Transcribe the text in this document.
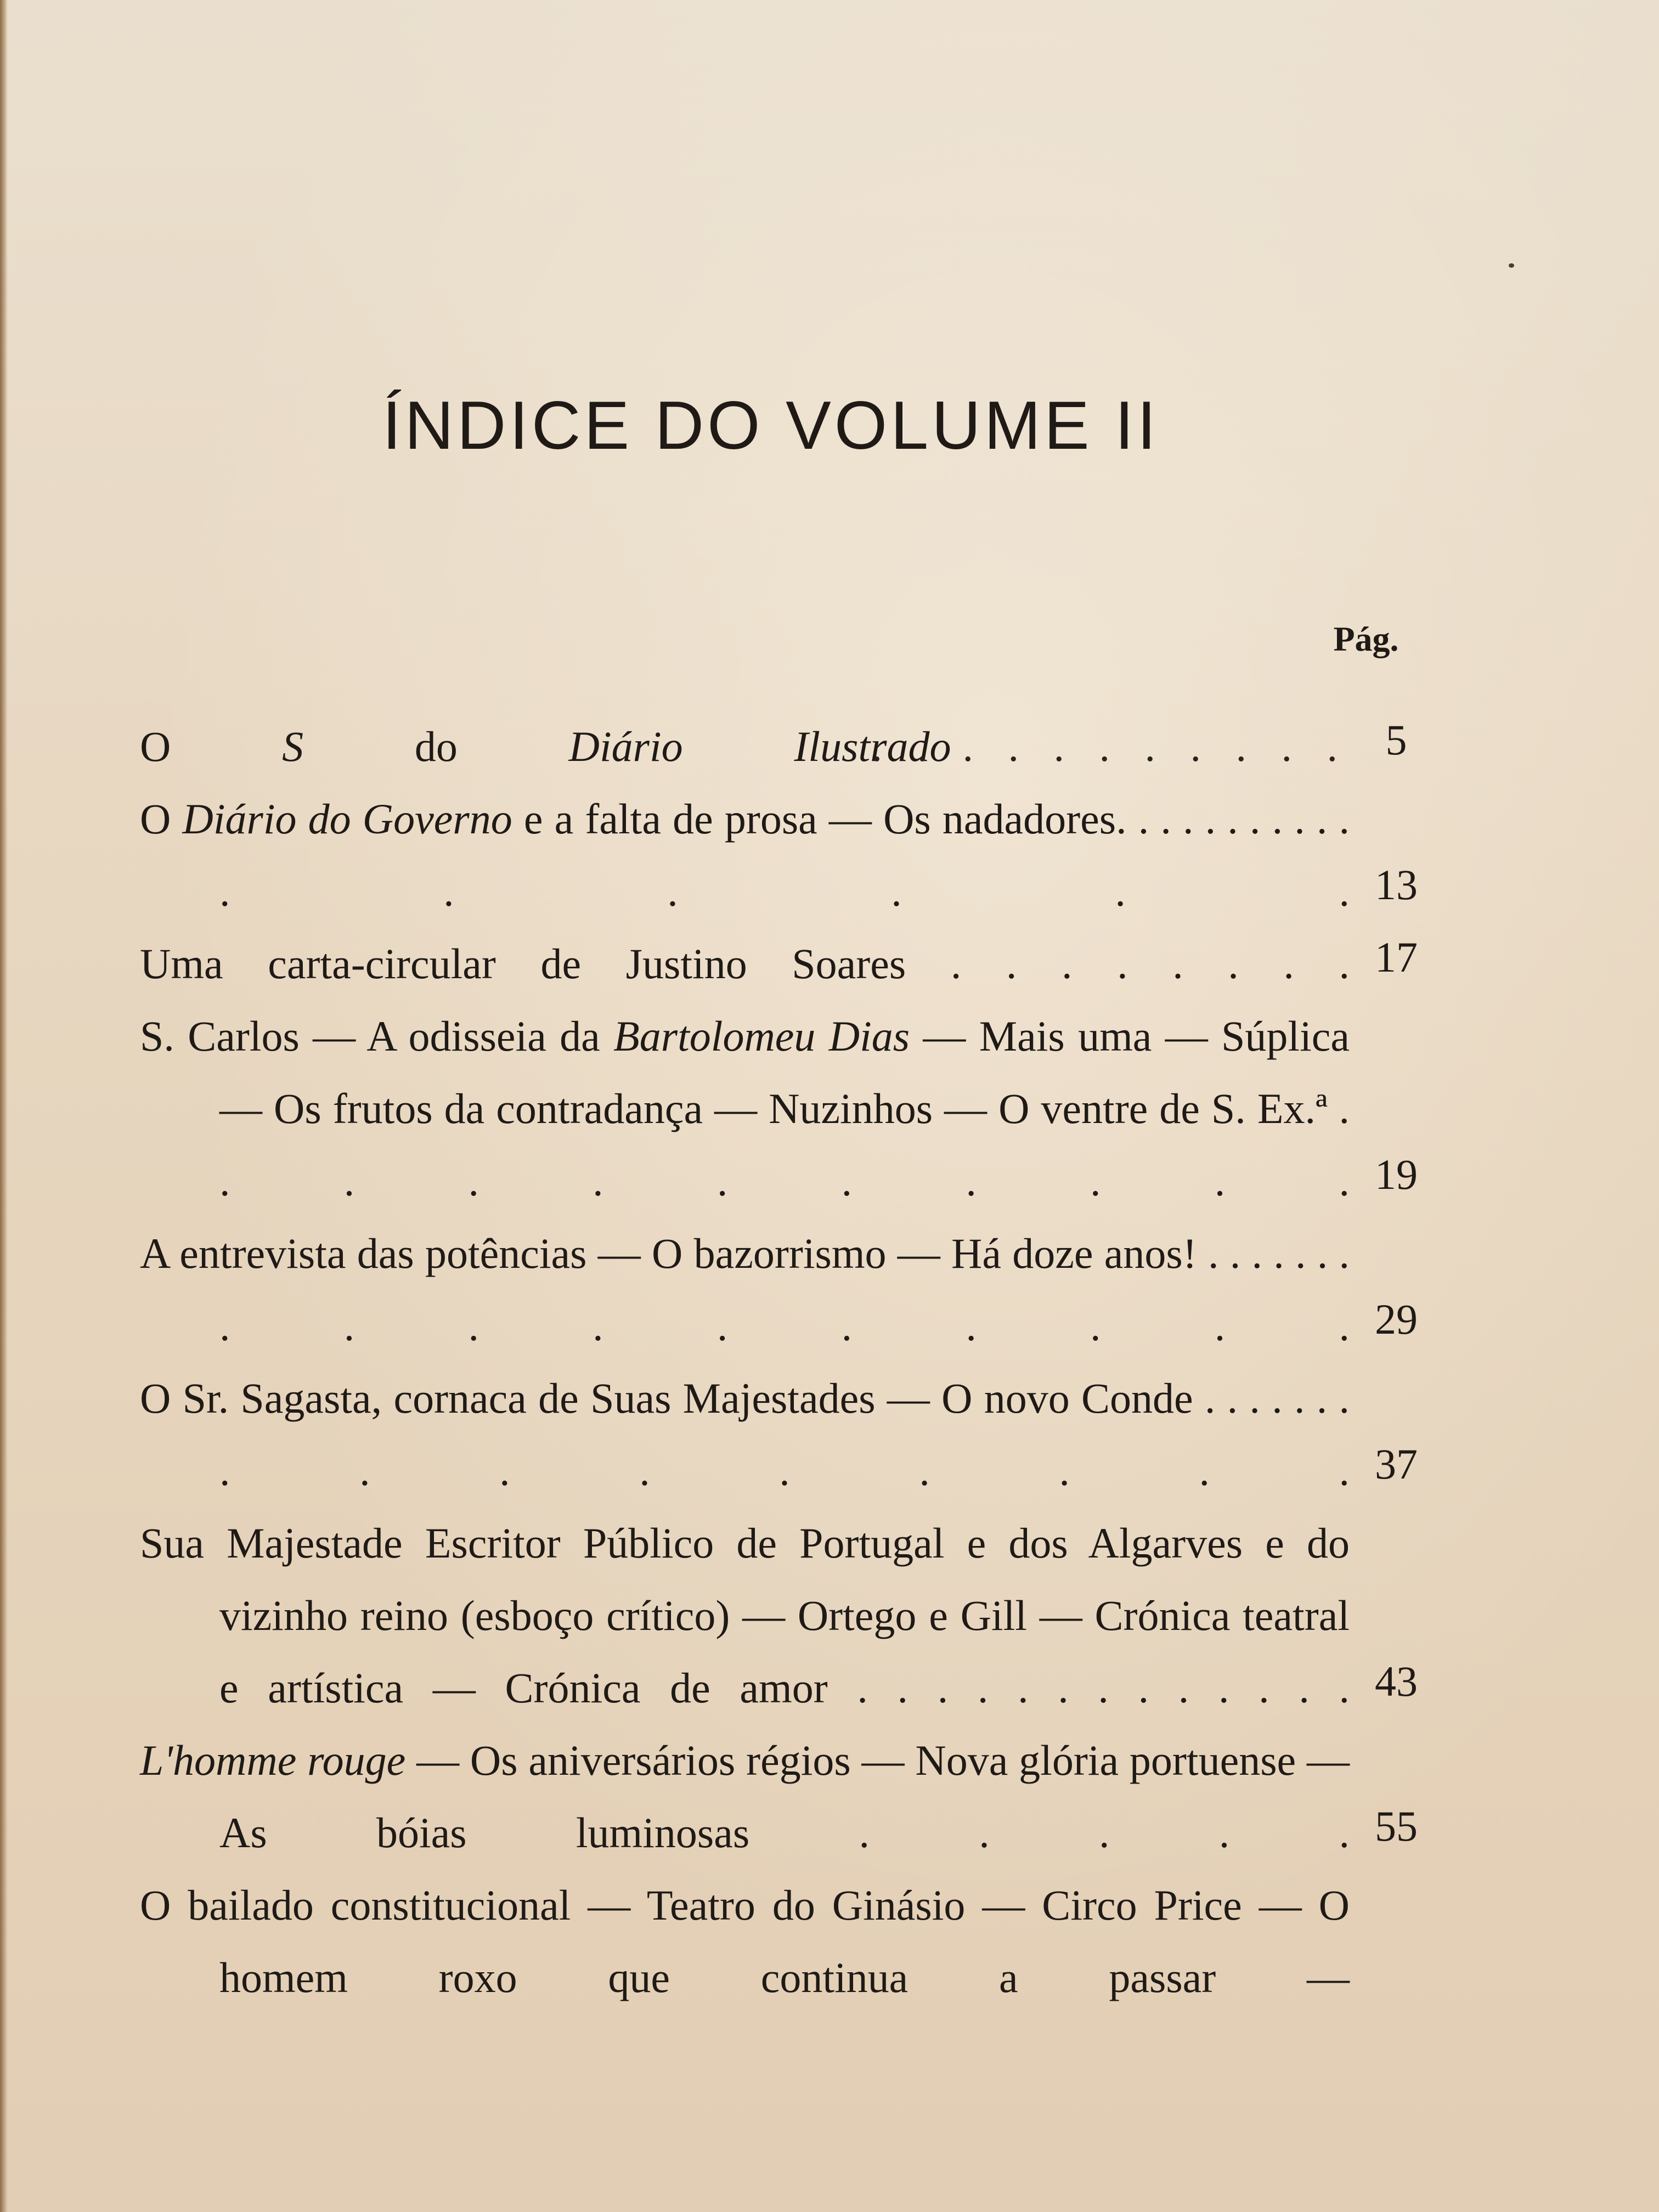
ÍNDICE DO VOLUME II

Pág.

O S do Diário Ilustrado. . . . . . . . . . . 5

O Diário do Governo e a falta de prosa — Os nadadores. . . . . . . . . . . . . . . . . 13

Uma carta-circular de Justino Soares . . . . . . . . 17

S. Carlos — A odisseia da Bartolomeu Dias — Mais uma — Súplica — Os frutos da contradança — Nuzinhos — O ventre de S. Ex.ª . . . . . . . . . . . 19

A entrevista das potências — O bazorrismo — Há doze anos! . . . . . . . . . . . . . . . . . 29

O Sr. Sagasta, cornaca de Suas Majestades — O novo Conde . . . . . . . . . . . . . . . . 37

Sua Majestade Escritor Público de Portugal e dos Algarves e do vizinho reino (esboço crítico) — Ortego e Gill — Crónica teatral e artística — Crónica de amor . . . . . . . . . . . . . 43

L'homme rouge — Os aniversários régios — Nova glória portuense — As bóias luminosas . . . . . 55

O bailado constitucional — Teatro do Ginásio — Circo Price — O homem roxo que continua a passar —
